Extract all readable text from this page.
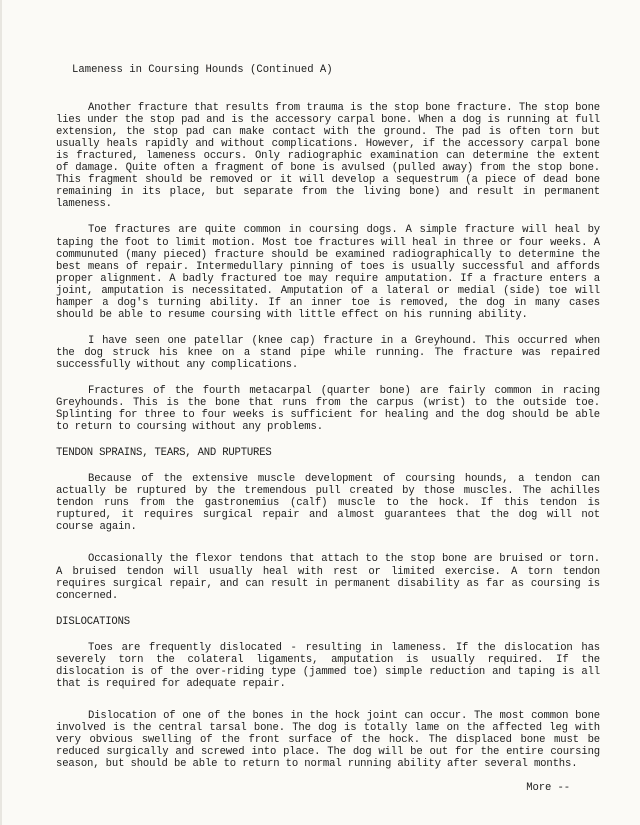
Lameness in Coursing Hounds (Continued A)

Another fracture that results from trauma is the stop bone fracture. The stop bone lies under the stop pad and is the accessory carpal bone. When a dog is running at full extension, the stop pad can make contact with the ground. The pad is often torn but usually heals rapidly and without complications. However, if the accessory carpal bone is fractured, lameness occurs. Only radiographic examination can determine the extent of damage. Quite often a fragment of bone is avulsed (pulled away) from the stop bone. This fragment should be removed or it will develop a sequestrum (a piece of dead bone remaining in its place, but separate from the living bone) and result in permanent lameness.

Toe fractures are quite common in coursing dogs. A simple fracture will heal by taping the foot to limit motion. Most toe fractures will heal in three or four weeks. A communuted (many pieced) fracture should be examined radiographically to determine the best means of repair. Intermedullary pinning of toes is usually successful and affords proper alignment. A badly fractured toe may require amputation. If a fracture enters a joint, amputation is necessitated. Amputation of a lateral or medial (side) toe will hamper a dog's turning ability. If an inner toe is removed, the dog in many cases should be able to resume coursing with little effect on his running ability.

I have seen one patellar (knee cap) fracture in a Greyhound. This occurred when the dog struck his knee on a stand pipe while running. The fracture was repaired successfully without any complications.

Fractures of the fourth metacarpal (quarter bone) are fairly common in racing Greyhounds. This is the bone that runs from the carpus (wrist) to the outside toe. Splinting for three to four weeks is sufficient for healing and the dog should be able to return to coursing without any problems.

TENDON SPRAINS, TEARS, AND RUPTURES

Because of the extensive muscle development of coursing hounds, a tendon can actually be ruptured by the tremendous pull created by those muscles. The achilles tendon runs from the gastronemius (calf) muscle to the hock. If this tendon is ruptured, it requires surgical repair and almost guarantees that the dog will not course again.

Occasionally the flexor tendons that attach to the stop bone are bruised or torn. A bruised tendon will usually heal with rest or limited exercise. A torn tendon requires surgical repair, and can result in permanent disability as far as coursing is concerned.

DISLOCATIONS

Toes are frequently dislocated - resulting in lameness. If the dislocation has severely torn the colateral ligaments, amputation is usually required. If the dislocation is of the over-riding type (jammed toe) simple reduction and taping is all that is required for adequate repair.

Dislocation of one of the bones in the hock joint can occur. The most common bone involved is the central tarsal bone. The dog is totally lame on the affected leg with very obvious swelling of the front surface of the hock. The displaced bone must be reduced surgically and screwed into place. The dog will be out for the entire coursing season, but should be able to return to normal running ability after several months.

More --
